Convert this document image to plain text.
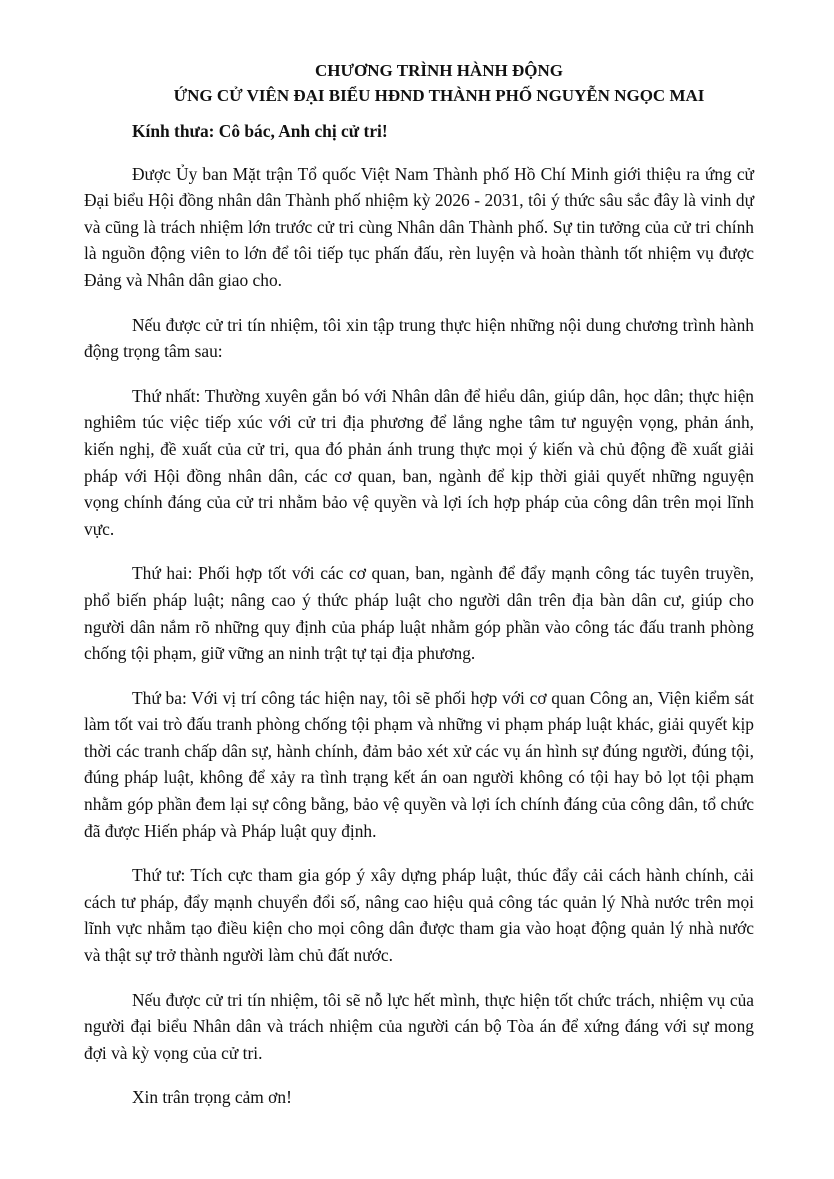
CHƯƠNG TRÌNH HÀNH ĐỘNG

ỨNG CỬ VIÊN ĐẠI BIỂU HĐND THÀNH PHỐ NGUYỄN NGỌC MAI

Kính thưa: Cô bác, Anh chị cử tri!

Được Ủy ban Mặt trận Tổ quốc Việt Nam Thành phố Hồ Chí Minh giới thiệu ra ứng cử Đại biểu Hội đồng nhân dân Thành phố nhiệm kỳ 2026 - 2031, tôi ý thức sâu sắc đây là vinh dự và cũng là trách nhiệm lớn trước cử tri cùng Nhân dân Thành phố. Sự tin tưởng của cử tri chính là nguồn động viên to lớn để tôi tiếp tục phấn đấu, rèn luyện và hoàn thành tốt nhiệm vụ được Đảng và Nhân dân giao cho.

Nếu được cử tri tín nhiệm, tôi xin tập trung thực hiện những nội dung chương trình hành động trọng tâm sau:

Thứ nhất: Thường xuyên gắn bó với Nhân dân để hiểu dân, giúp dân, học dân; thực hiện nghiêm túc việc tiếp xúc với cử tri địa phương để lắng nghe tâm tư nguyện vọng, phản ánh, kiến nghị, đề xuất của cử tri, qua đó phản ánh trung thực mọi ý kiến và chủ động đề xuất giải pháp với Hội đồng nhân dân, các cơ quan, ban, ngành để kịp thời giải quyết những nguyện vọng chính đáng của cử tri nhằm bảo vệ quyền và lợi ích hợp pháp của công dân trên mọi lĩnh vực.

Thứ hai: Phối hợp tốt với các cơ quan, ban, ngành để đẩy mạnh công tác tuyên truyền, phổ biến pháp luật; nâng cao ý thức pháp luật cho người dân trên địa bàn dân cư, giúp cho người dân nắm rõ những quy định của pháp luật nhằm góp phần vào công tác đấu tranh phòng chống tội phạm, giữ vững an ninh trật tự tại địa phương.

Thứ ba: Với vị trí công tác hiện nay, tôi sẽ phối hợp với cơ quan Công an, Viện kiểm sát làm tốt vai trò đấu tranh phòng chống tội phạm và những vi phạm pháp luật khác, giải quyết kịp thời các tranh chấp dân sự, hành chính, đảm bảo xét xử các vụ án hình sự đúng người, đúng tội, đúng pháp luật, không để xảy ra tình trạng kết án oan người không có tội hay bỏ lọt tội phạm nhằm góp phần đem lại sự công bằng, bảo vệ quyền và lợi ích chính đáng của công dân, tổ chức đã được Hiến pháp và Pháp luật quy định.

Thứ tư: Tích cực tham gia góp ý xây dựng pháp luật, thúc đẩy cải cách hành chính, cải cách tư pháp, đẩy mạnh chuyển đổi số, nâng cao hiệu quả công tác quản lý Nhà nước trên mọi lĩnh vực nhằm tạo điều kiện cho mọi công dân được tham gia vào hoạt động quản lý nhà nước và thật sự trở thành người làm chủ đất nước.

Nếu được cử tri tín nhiệm, tôi sẽ nỗ lực hết mình, thực hiện tốt chức trách, nhiệm vụ của người đại biểu Nhân dân và trách nhiệm của người cán bộ Tòa án để xứng đáng với sự mong đợi và kỳ vọng của cử tri.

Xin trân trọng cảm ơn!
